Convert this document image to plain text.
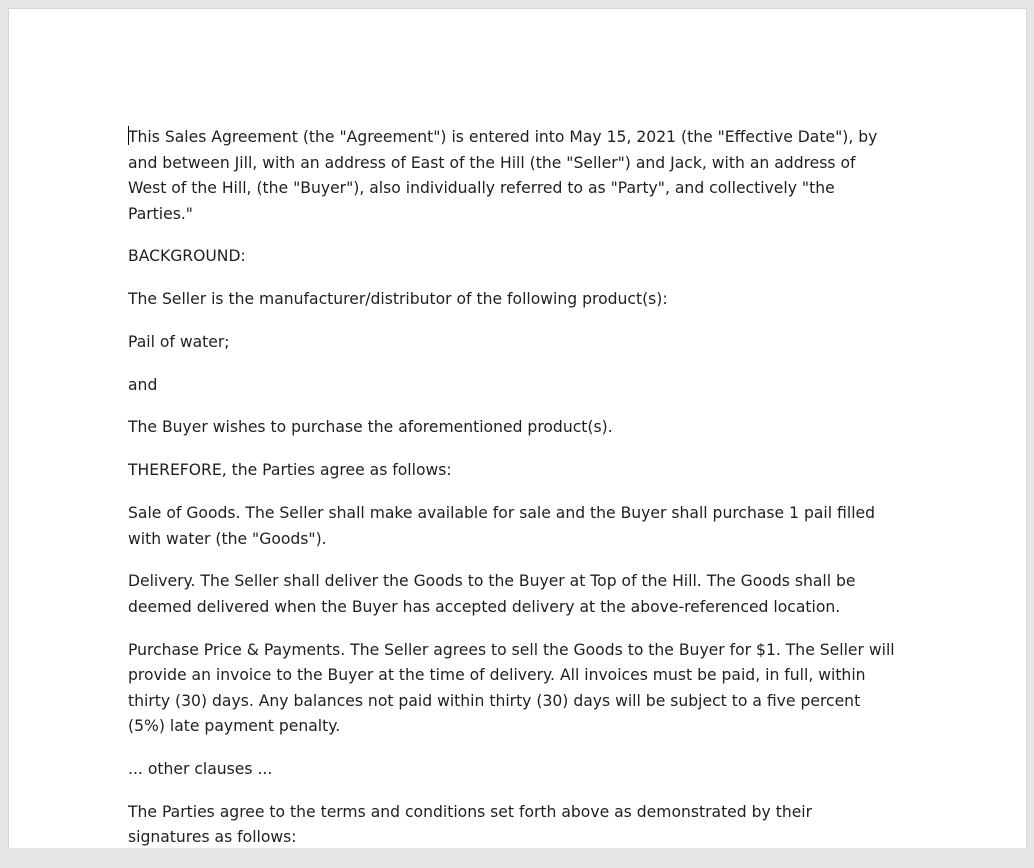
This Sales Agreement (the "Agreement") is entered into May 15, 2021 (the "Effective Date"), by and between Jill, with an address of East of the Hill (the "Seller") and Jack, with an address of West of the Hill, (the "Buyer"), also individually referred to as "Party", and collectively "the Parties."

BACKGROUND:

The Seller is the manufacturer/distributor of the following product(s):

Pail of water;

and

The Buyer wishes to purchase the aforementioned product(s).

THEREFORE, the Parties agree as follows:

Sale of Goods. The Seller shall make available for sale and the Buyer shall purchase 1 pail filled with water (the "Goods").

Delivery. The Seller shall deliver the Goods to the Buyer at Top of the Hill. The Goods shall be deemed delivered when the Buyer has accepted delivery at the above-referenced location.

Purchase Price & Payments. The Seller agrees to sell the Goods to the Buyer for $1. The Seller will provide an invoice to the Buyer at the time of delivery. All invoices must be paid, in full, within thirty (30) days. Any balances not paid within thirty (30) days will be subject to a five percent (5%) late payment penalty.

... other clauses ...

The Parties agree to the terms and conditions set forth above as demonstrated by their signatures as follows:
